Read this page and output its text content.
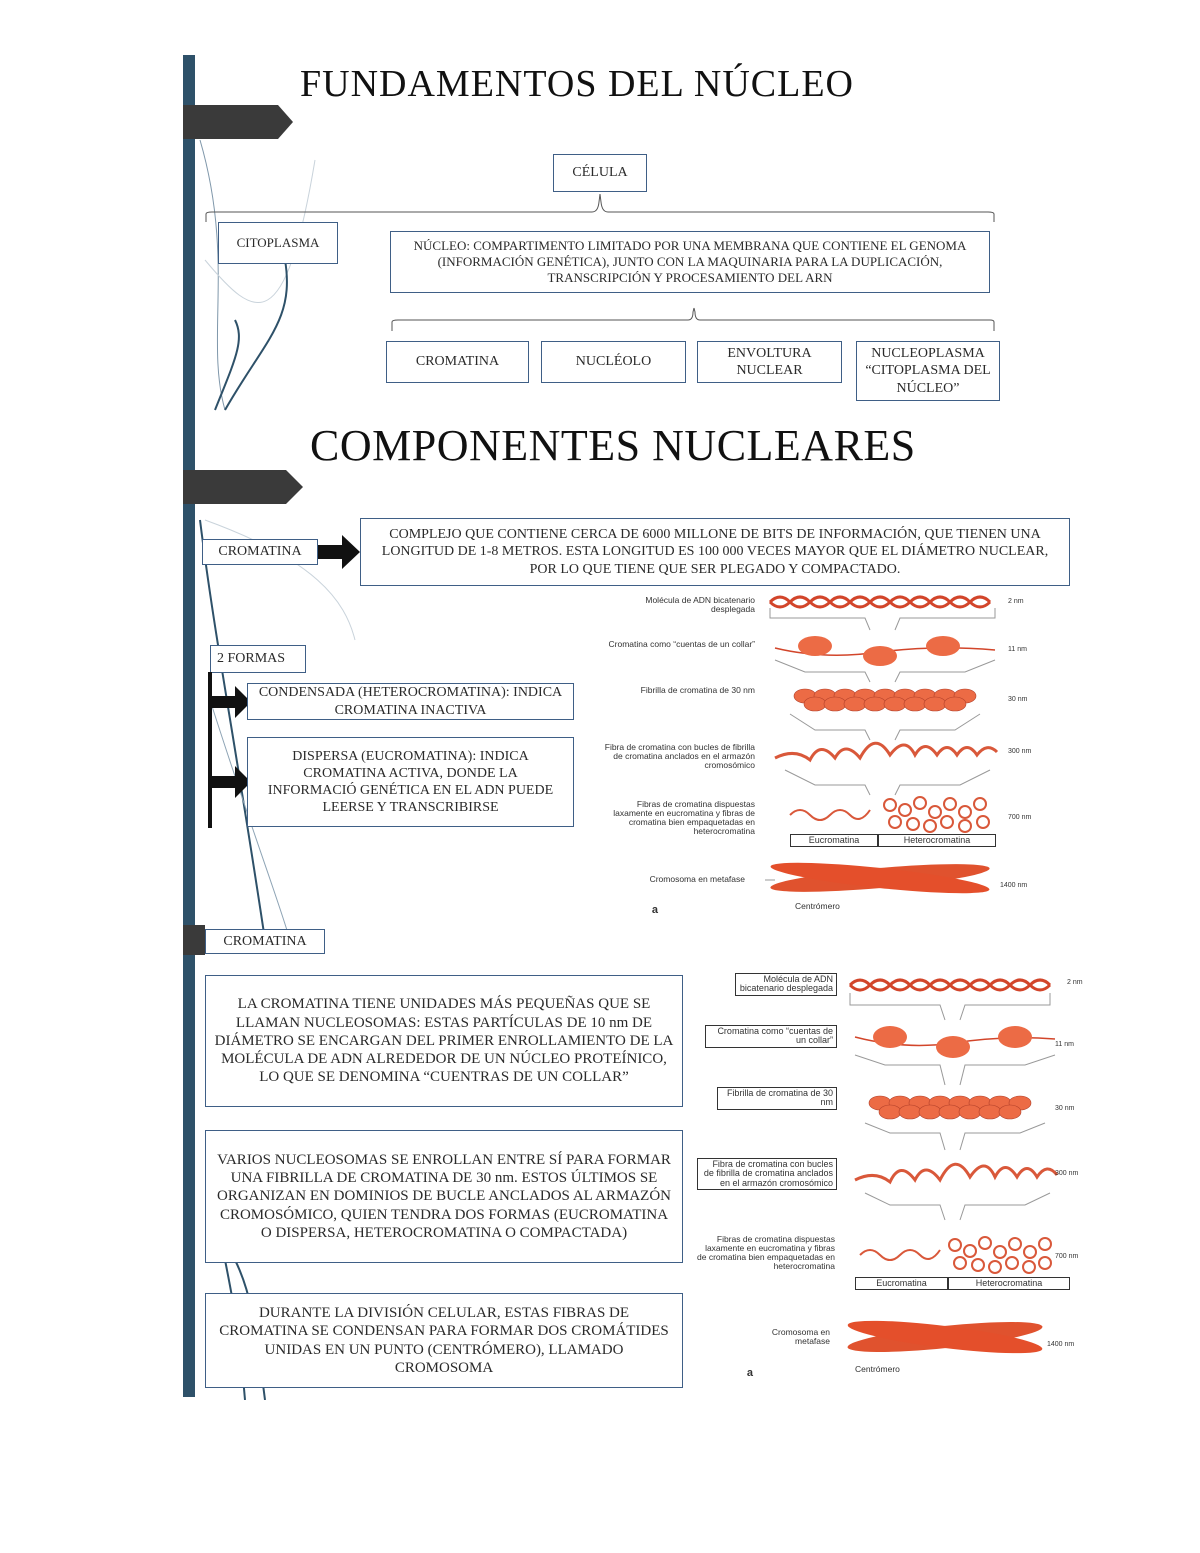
FUNDAMENTOS DEL NÚCLEO
CÉLULA
CITOPLASMA	NÚCLEO: COMPARTIMENTO LIMITADO POR UNA MEMBRANA QUE CONTIENE EL GENOMA (INFORMACIÓN GENÉTICA), JUNTO CON LA MAQUINARIA PARA LA DUPLICACIÓN, TRANSCRIPCIÓN Y PROCESAMIENTO DEL ARN
CROMATINA	NUCLÉOLO
ENVOLTURA NUCLEAR
NUCLEOPLASMA “CITOPLASMA DEL NÚCLEO”
COMPONENTES NUCLEARES
CROMATINA
COMPLEJO QUE CONTIENE CERCA DE 6000 MILLONE DE BITS DE INFORMACIÓN, QUE TIENEN UNA LONGITUD DE 1-8 METROS. ESTA LONGITUD ES 100 000 VECES MAYOR QUE EL DIÁMETRO NUCLEAR, POR LO QUE TIENE QUE SER PLEGADO Y COMPACTADO.
2 FORMAS
CONDENSADA (HETEROCROMATINA): INDICA CROMATINA INACTIVA
DISPERSA (EUCROMATINA): INDICA CROMATINA ACTIVA, DONDE LA INFORMACIÓ GENÉTICA EN EL ADN PUEDE LEERSE Y TRANSCRIBIRSE
Molécula de ADN bicatenario desplegada
Cromatina como “cuentas de un collar”
Fibrilla de cromatina de 30 nm
Fibra de cromatina con bucles de fibrilla de cromatina anclados en el armazón cromosómico
Fibras de cromatina dispuestas laxamente en eucromatina y fibras de cromatina bien empaquetadas en heterocromatina
Cromosoma en metafase
Eucromatina	Heterocromatina
Centrómero
a
2 nm
11 nm
30 nm
300 nm
700 nm
1400 nm
CROMATINA
LA CROMATINA TIENE UNIDADES MÁS PEQUEÑAS QUE SE LLAMAN NUCLEOSOMAS: ESTAS PARTÍCULAS DE 10 nm DE DIÁMETRO SE ENCARGAN DEL PRIMER ENROLLAMIENTO DE LA MOLÉCULA DE ADN ALREDEDOR DE UN NÚCLEO PROTEÍNICO, LO QUE SE DENOMINA “CUENTRAS DE UN COLLAR”
VARIOS NUCLEOSOMAS SE ENROLLAN ENTRE SÍ PARA FORMAR UNA FIBRILLA DE CROMATINA DE 30 nm. ESTOS ÚLTIMOS SE ORGANIZAN EN DOMINIOS DE BUCLE ANCLADOS AL ARMAZÓN CROMOSÓMICO, QUIEN TENDRA DOS FORMAS (EUCROMATINA O DISPERSA, HETEROCROMATINA O COMPACTADA)
DURANTE LA DIVISIÓN CELULAR, ESTAS FIBRAS DE CROMATINA SE CONDENSAN PARA FORMAR DOS CROMÁTIDES UNIDAS EN UN PUNTO (CENTRÓMERO), LLAMADO CROMOSOMA
Molécula de ADN bicatenario desplegada
Cromatina como “cuentas de un collar”
Fibrilla de cromatina de 30 nm
Fibra de cromatina con bucles de fibrilla de cromatina anclados en el armazón cromosómico
Fibras de cromatina dispuestas laxamente en eucromatina y fibras de cromatina bien empaquetadas en heterocromatina
Cromosoma en metafase
Eucromatina	Heterocromatina
Centrómero
a
2 nm
11 nm
30 nm
300 nm
700 nm
1400 nm
